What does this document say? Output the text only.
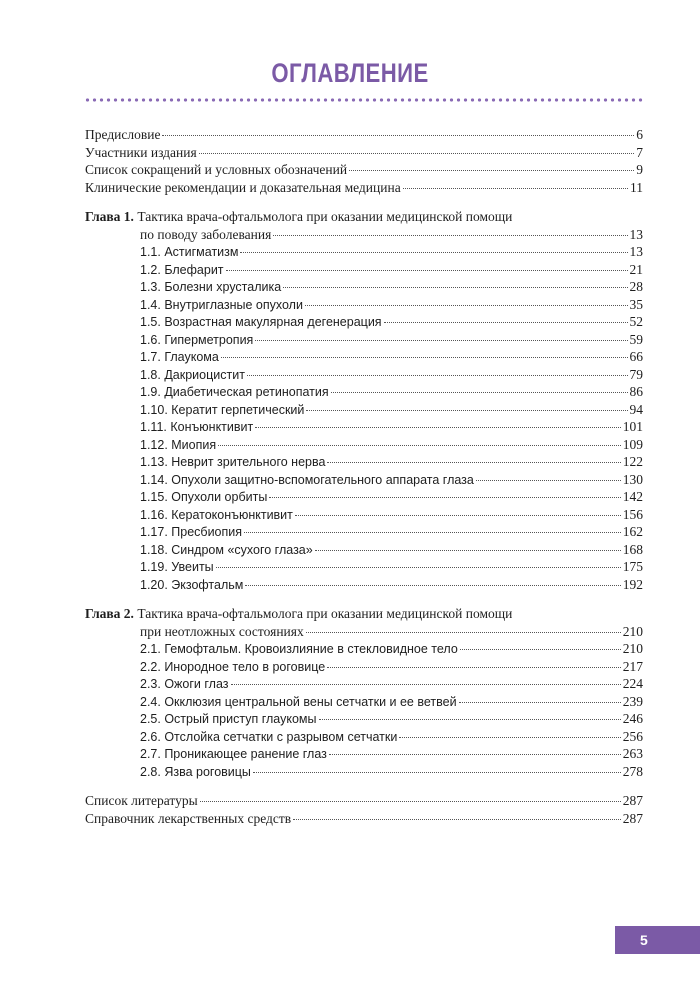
ОГЛАВЛЕНИЕ
Предисловие	6
Участники издания	7
Список сокращений и условных обозначений	9
Клинические рекомендации и доказательная медицина	11
Глава 1. Тактика врача-офтальмолога при оказании медицинской помощи
по поводу заболевания	13
1.1. Астигматизм	13
1.2. Блефарит	21
1.3. Болезни хрусталика	28
1.4. Внутриглазные опухоли	35
1.5. Возрастная макулярная дегенерация	52
1.6. Гиперметропия	59
1.7. Глаукома	66
1.8. Дакриоцистит	79
1.9. Диабетическая ретинопатия	86
1.10. Кератит герпетический	94
1.11. Конъюнктивит	101
1.12. Миопия	109
1.13. Неврит зрительного нерва	122
1.14. Опухоли защитно-вспомогательного аппарата глаза	130
1.15. Опухоли орбиты	142
1.16. Кератоконъюнктивит	156
1.17. Пресбиопия	162
1.18. Синдром «сухого глаза»	168
1.19. Увеиты	175
1.20. Экзофтальм	192
Глава 2. Тактика врача-офтальмолога при оказании медицинской помощи
при неотложных состояниях	210
2.1. Гемофтальм. Кровоизлияние в стекловидное тело	210
2.2. Инородное тело в роговице	217
2.3. Ожоги глаз	224
2.4. Окклюзия центральной вены сетчатки и ее ветвей	239
2.5. Острый приступ глаукомы	246
2.6. Отслойка сетчатки с разрывом сетчатки	256
2.7. Проникающее ранение глаз	263
2.8. Язва роговицы	278
Список литературы	287
Справочник лекарственных средств	287
5
